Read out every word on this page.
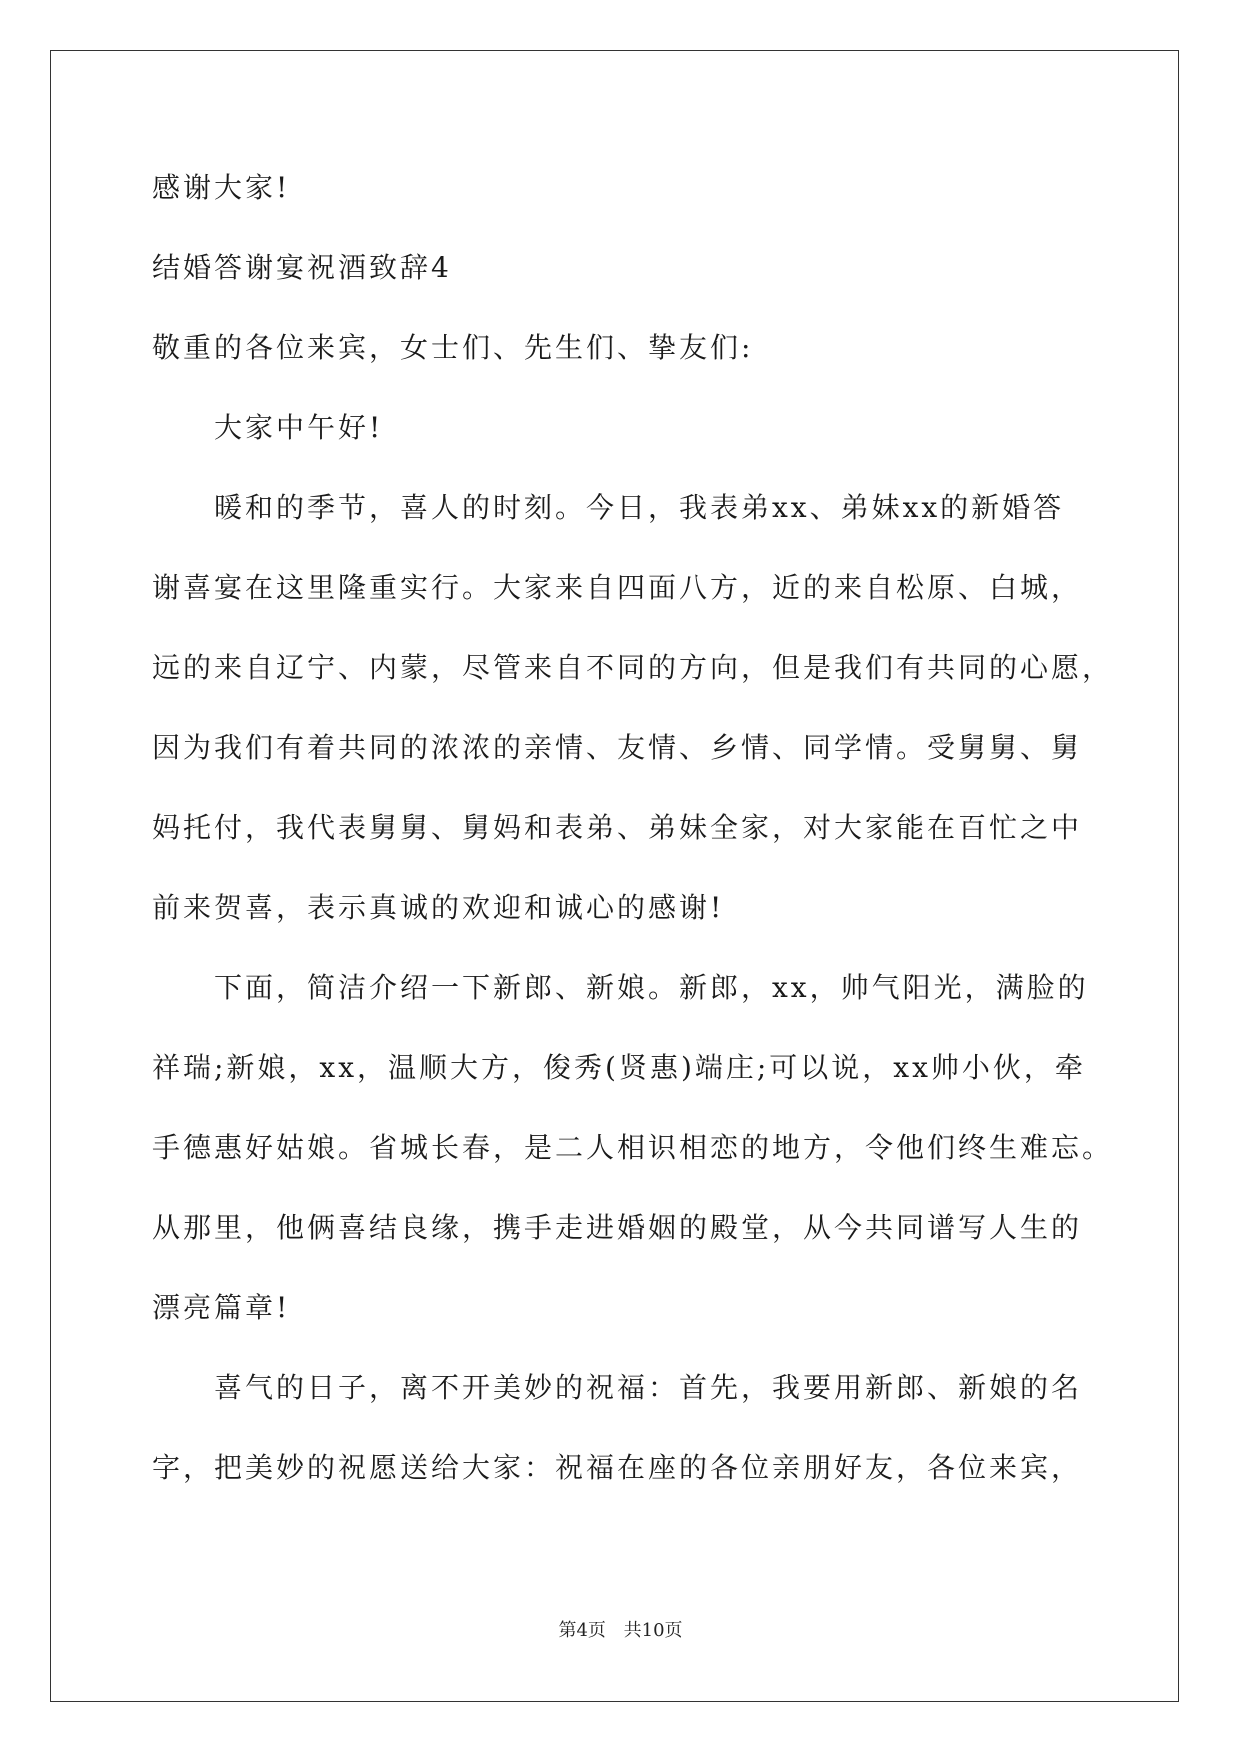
感谢大家!
结婚答谢宴祝酒致辞4
敬重的各位来宾，女士们、先生们、挚友们:
大家中午好!
暖和的季节，喜人的时刻。今日，我表弟xx、弟妹xx的新婚答
谢喜宴在这里隆重实行。大家来自四面八方，近的来自松原、白城，
远的来自辽宁、内蒙，尽管来自不同的方向，但是我们有共同的心愿，
因为我们有着共同的浓浓的亲情、友情、乡情、同学情。受舅舅、舅
妈托付，我代表舅舅、舅妈和表弟、弟妹全家，对大家能在百忙之中
前来贺喜，表示真诚的欢迎和诚心的感谢!
下面，简洁介绍一下新郎、新娘。新郎，xx，帅气阳光，满脸的
祥瑞;新娘，xx，温顺大方，俊秀(贤惠)端庄;可以说，xx帅小伙，牵
手德惠好姑娘。省城长春，是二人相识相恋的地方，令他们终生难忘。
从那里，他俩喜结良缘，携手走进婚姻的殿堂，从今共同谱写人生的
漂亮篇章!
喜气的日子，离不开美妙的祝福：首先，我要用新郎、新娘的名
字，把美妙的祝愿送给大家：祝福在座的各位亲朋好友，各位来宾，
第4页 共10页
